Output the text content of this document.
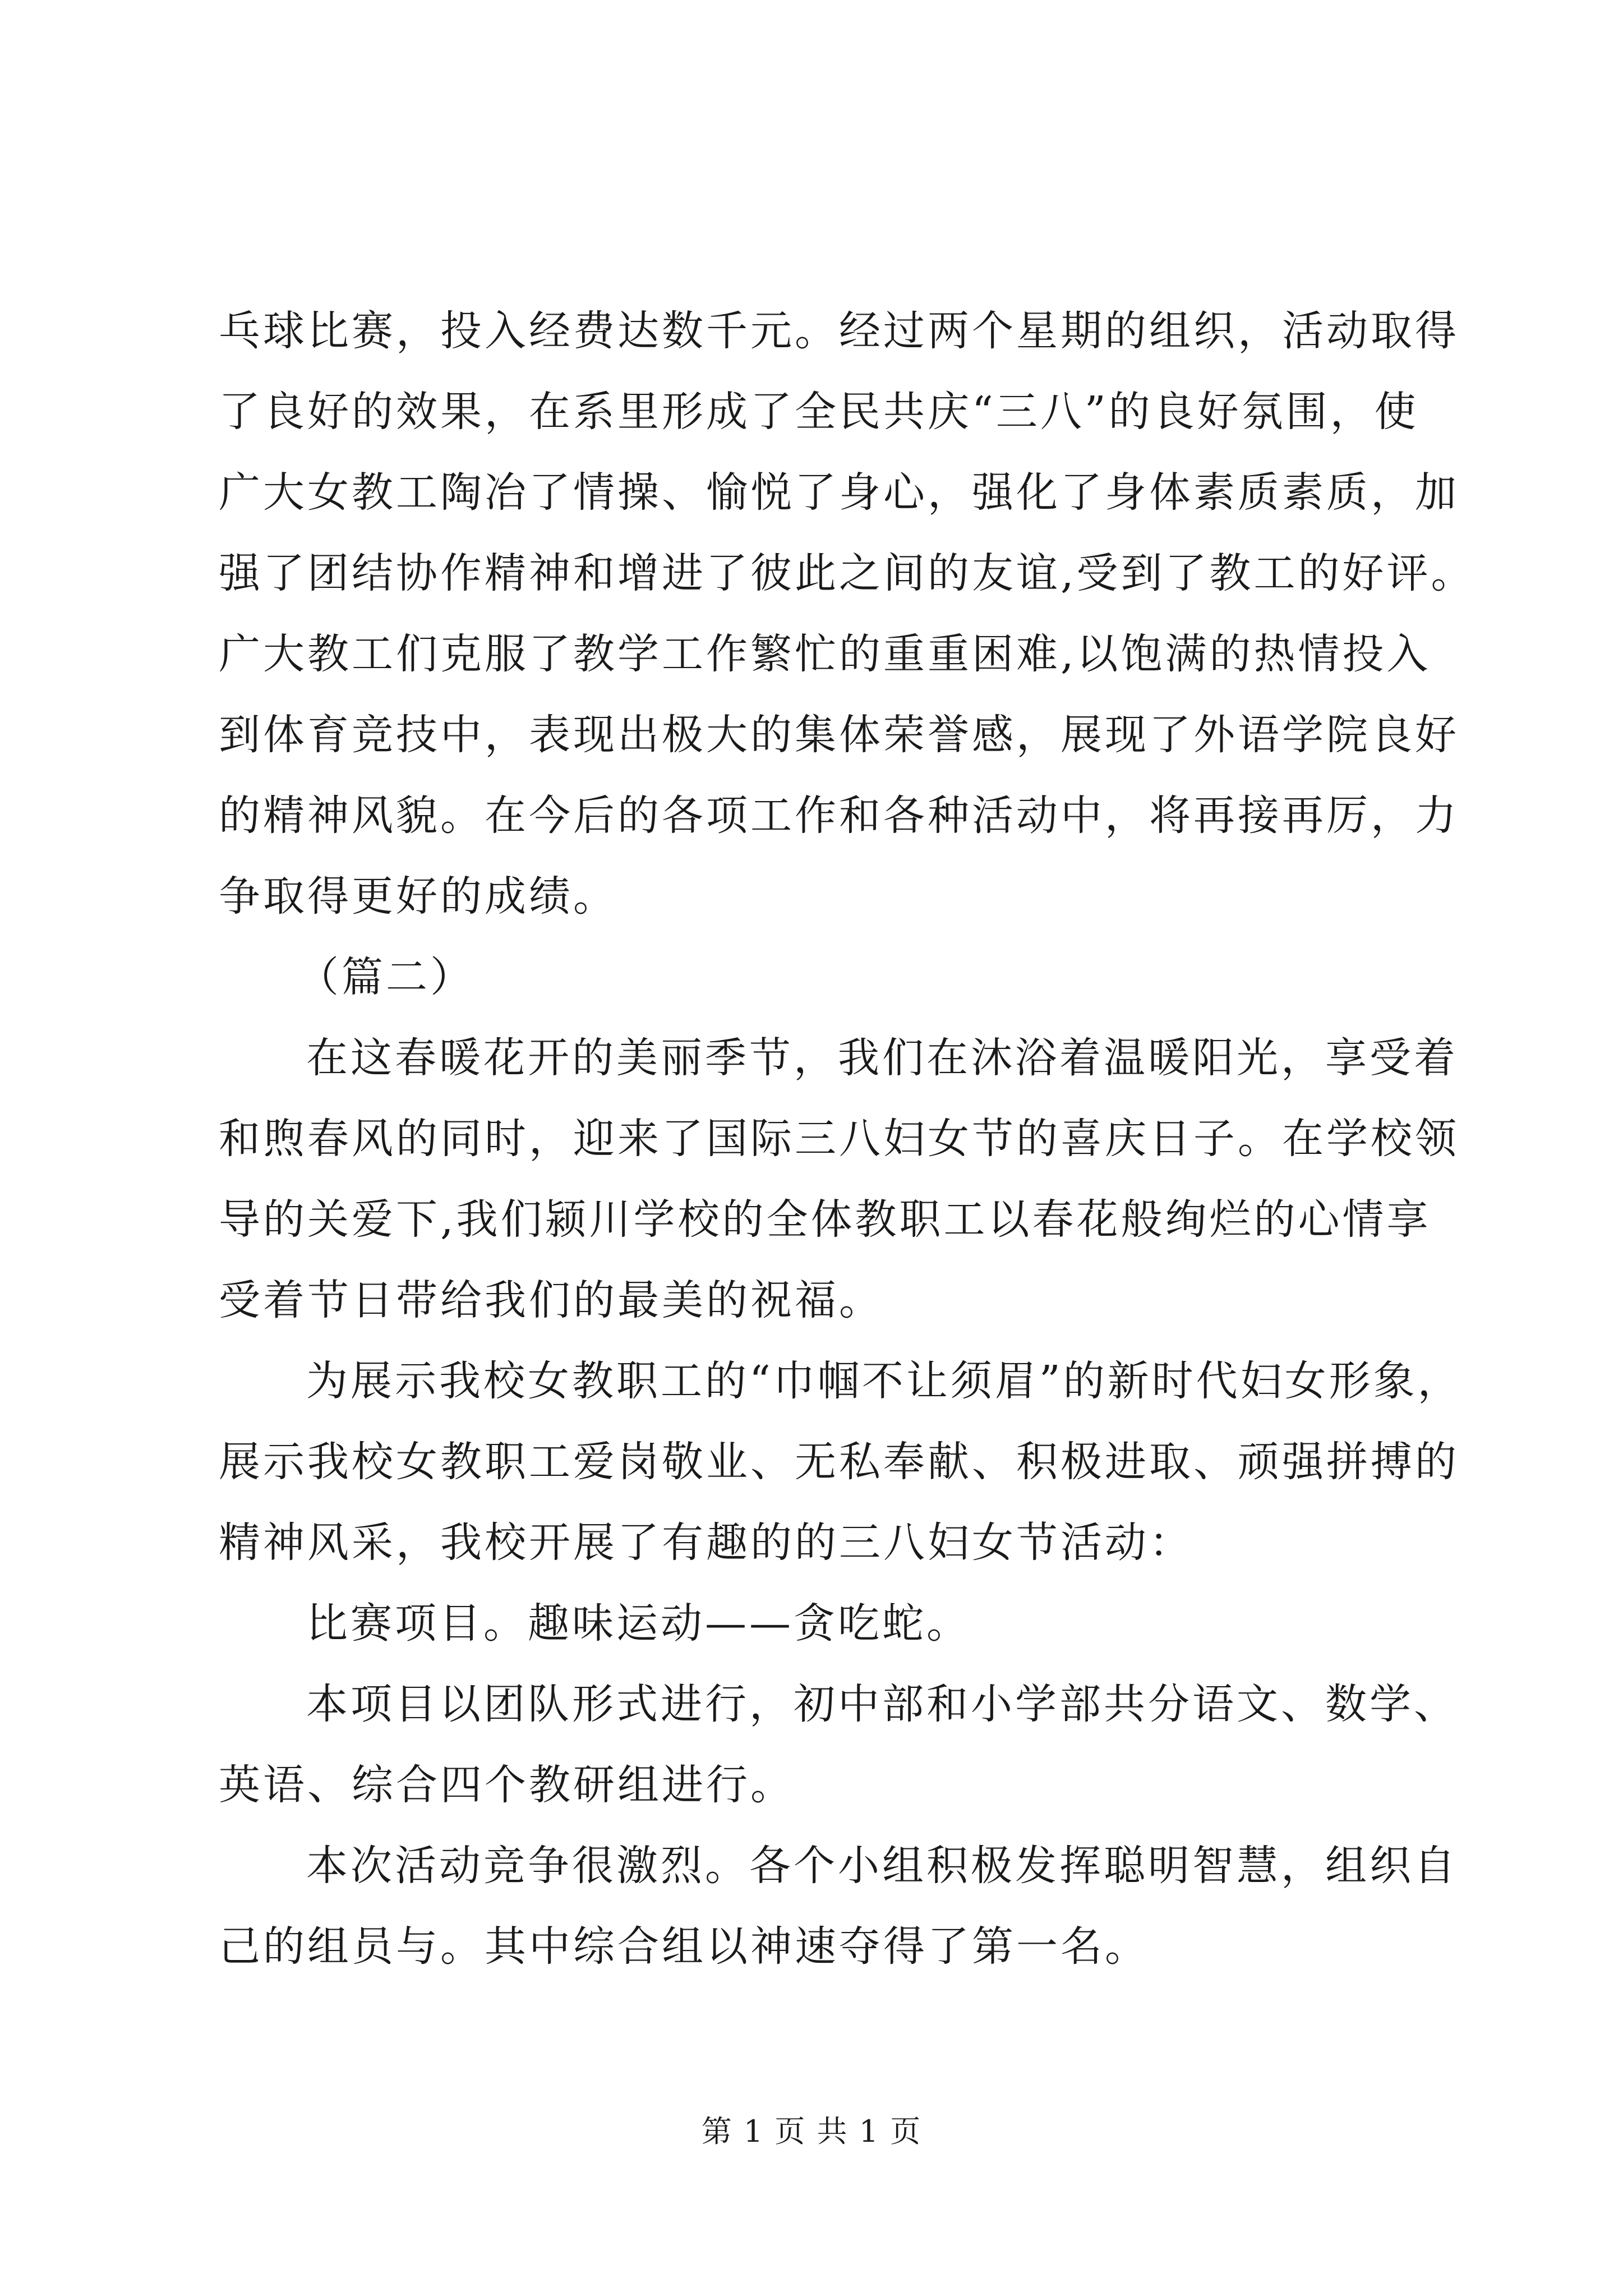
乓球比赛，投入经费达数千元。经过两个星期的组织，活动取得
了良好的效果，在系里形成了全民共庆“三八”的良好氛围，使
广大女教工陶冶了情操、愉悦了身心，强化了身体素质素质，加
强了团结协作精神和增进了彼此之间的友谊,受到了教工的好评。
广大教工们克服了教学工作繁忙的重重困难,以饱满的热情投入
到体育竞技中，表现出极大的集体荣誉感，展现了外语学院良好
的精神风貌。在今后的各项工作和各种活动中，将再接再厉，力
争取得更好的成绩。
（篇二）
在这春暖花开的美丽季节，我们在沐浴着温暖阳光，享受着
和煦春风的同时，迎来了国际三八妇女节的喜庆日子。在学校领
导的关爱下,我们颍川学校的全体教职工以春花般绚烂的心情享
受着节日带给我们的最美的祝福。
为展示我校女教职工的“巾帼不让须眉”的新时代妇女形象，
展示我校女教职工爱岗敬业、无私奉献、积极进取、顽强拼搏的
精神风采，我校开展了有趣的的三八妇女节活动：
比赛项目。趣味运动——贪吃蛇。
本项目以团队形式进行，初中部和小学部共分语文、数学、
英语、综合四个教研组进行。
本次活动竞争很激烈。各个小组积极发挥聪明智慧，组织自
己的组员与。其中综合组以神速夺得了第一名。
第 1 页 共 1 页
